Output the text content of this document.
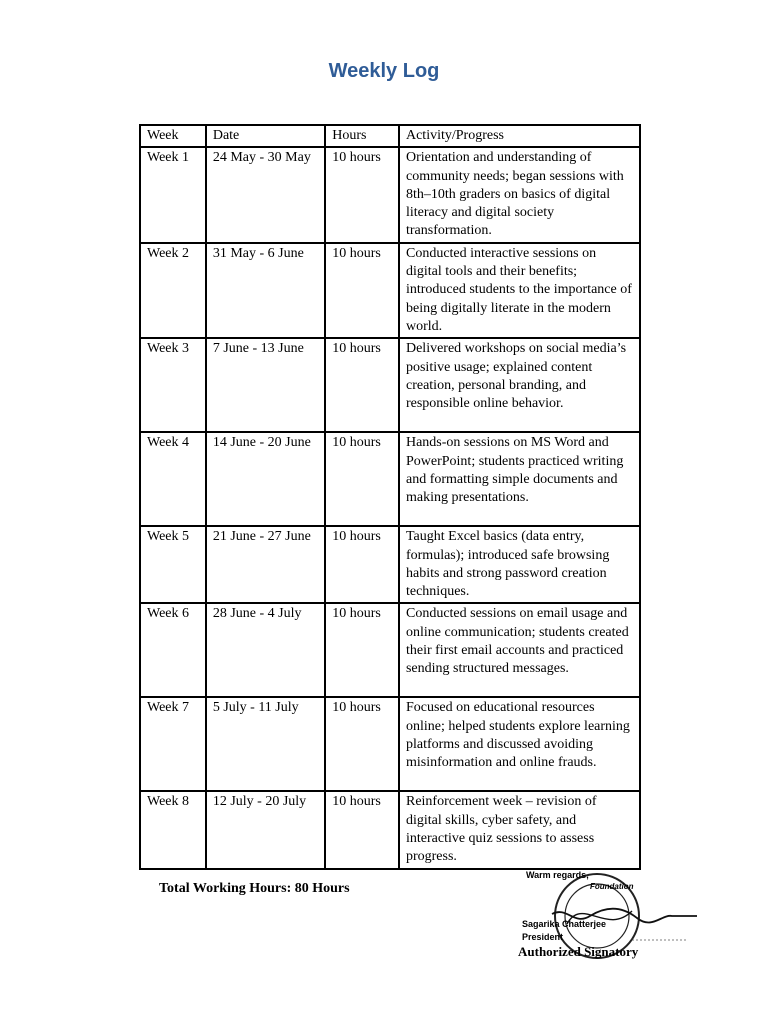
Weekly Log
Week	Date	Hours	Activity/Progress
Week 1	24 May - 30 May	10 hours	Orientation and understanding of community needs; began sessions with 8th–10th graders on basics of digital literacy and digital society transformation.
Week 2	31 May - 6 June	10 hours	Conducted interactive sessions on digital tools and their benefits; introduced students to the importance of being digitally literate in the modern world.
Week 3	7 June - 13 June	10 hours	Delivered workshops on social media’s positive usage; explained content creation, personal branding, and responsible online behavior.
Week 4	14 June - 20 June	10 hours	Hands-on sessions on MS Word and PowerPoint; students practiced writing and formatting simple documents and making presentations.
Week 5	21 June - 27 June	10 hours	Taught Excel basics (data entry, formulas); introduced safe browsing habits and strong password creation techniques.
Week 6	28 June - 4 July	10 hours	Conducted sessions on email usage and online communication; students created their first email accounts and practiced sending structured messages.
Week 7	5 July - 11 July	10 hours	Focused on educational resources online; helped students explore learning platforms and discussed avoiding misinformation and online frauds.
Week 8	12 July - 20 July	10 hours	Reinforcement week – revision of digital skills, cyber safety, and interactive quiz sessions to assess progress.
Total Working Hours: 80 Hours
Warm regards,
Foundation
Sagarika Chatterjee
President
Authorized Signatory
